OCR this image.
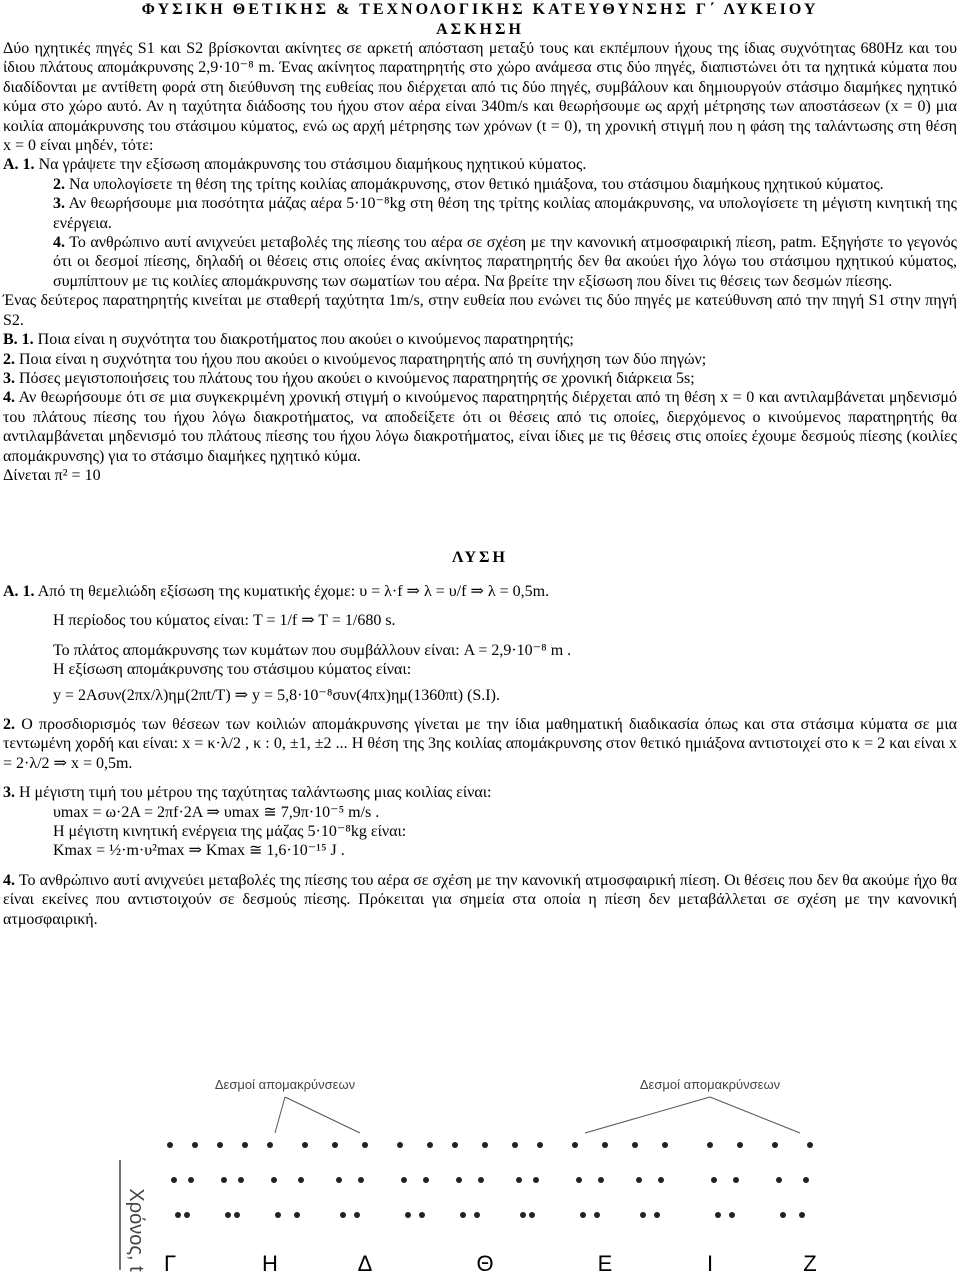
ΦΥΣΙΚΗ ΘΕΤΙΚΗΣ & ΤΕΧΝΟΛΟΓΙΚΗΣ ΚΑΤΕΥΘΥΝΣΗΣ Γ΄ ΛΥΚΕΙΟΥ
ΑΣΚΗΣΗ

Δύο ηχητικές πηγές S1 και S2 βρίσκονται ακίνητες σε αρκετή απόσταση μεταξύ τους και εκπέμπουν ήχους της ίδιας συχνότητας 680Hz και του ίδιου πλάτους απομάκρυνσης 2,9·10⁻⁸ m. Ένας ακίνητος παρατηρητής στο χώρο ανάμεσα στις δύο πηγές, διαπιστώνει ότι τα ηχητικά κύματα που διαδίδονται με αντίθετη φορά στη διεύθυνση της ευθείας που διέρχεται από τις δύο πηγές, συμβάλουν και δημιουργούν στάσιμο διαμήκες ηχητικό κύμα στο χώρο αυτό. Αν η ταχύτητα διάδοσης του ήχου στον αέρα είναι 340m/s και θεωρήσουμε ως αρχή μέτρησης των αποστάσεων (x = 0) μια κοιλία απομάκρυνσης του στάσιμου κύματος, ενώ ως αρχή μέτρησης των χρόνων (t = 0), τη χρονική στιγμή που η φάση της ταλάντωσης στη θέση x = 0 είναι μηδέν, τότε:

Α. 1. Να γράψετε την εξίσωση απομάκρυνσης του στάσιμου διαμήκους ηχητικού κύματος.

2. Να υπολογίσετε τη θέση της τρίτης κοιλίας απομάκρυνσης, στον θετικό ημιάξονα, του στάσιμου διαμήκους ηχητικού κύματος.

3. Αν θεωρήσουμε μια ποσότητα μάζας αέρα 5·10⁻⁸kg στη θέση της τρίτης κοιλίας απομάκρυνσης, να υπολογίσετε τη μέγιστη κινητική της ενέργεια.

4. Το ανθρώπινο αυτί ανιχνεύει μεταβολές της πίεσης του αέρα σε σχέση με την κανονική ατμοσφαιρική πίεση, patm. Εξηγήστε το γεγονός ότι οι δεσμοί πίεσης, δηλαδή οι θέσεις στις οποίες ένας ακίνητος παρατηρητής δεν θα ακούει ήχο λόγω του στάσιμου ηχητικού κύματος, συμπίπτουν με τις κοιλίες απομάκρυνσης των σωματίων του αέρα. Να βρείτε την εξίσωση που δίνει τις θέσεις των δεσμών πίεσης.

Ένας δεύτερος παρατηρητής κινείται με σταθερή ταχύτητα 1m/s, στην ευθεία που ενώνει τις δύο πηγές με κατεύθυνση από την πηγή S1 στην πηγή S2.

Β. 1. Ποια είναι η συχνότητα του διακροτήματος που ακούει ο κινούμενος παρατηρητής;

2. Ποια είναι η συχνότητα του ήχου που ακούει ο κινούμενος παρατηρητής από τη συνήχηση των δύο πηγών;

3. Πόσες μεγιστοποιήσεις του πλάτους του ήχου ακούει ο κινούμενος παρατηρητής σε χρονική διάρκεια 5s;

4. Αν θεωρήσουμε ότι σε μια συγκεκριμένη χρονική στιγμή ο κινούμενος παρατηρητής διέρχεται από τη θέση x = 0 και αντιλαμβάνεται μηδενισμό του πλάτους πίεσης του ήχου λόγω διακροτήματος, να αποδείξετε ότι οι θέσεις από τις οποίες, διερχόμενος ο κινούμενος παρατηρητής θα αντιλαμβάνεται μηδενισμό του πλάτους πίεσης του ήχου λόγω διακροτήματος, είναι ίδιες με τις θέσεις στις οποίες έχουμε δεσμούς πίεσης (κοιλίες απομάκρυνσης) για το στάσιμο διαμήκες ηχητικό κύμα.

Δίνεται π² = 10

ΛΥΣΗ

Α. 1. Από τη θεμελιώδη εξίσωση της κυματικής έχομε: υ = λ·f ⇒ λ = υ/f ⇒ λ = 0,5m.

Η περίοδος του κύματος είναι: T = 1/f ⇒ T = 1/680 s.

Το πλάτος απομάκρυνσης των κυμάτων που συμβάλλουν είναι: A = 2,9·10⁻⁸ m .

Η εξίσωση απομάκρυνσης του στάσιμου κύματος είναι:

y = 2Aσυν(2πx/λ)ημ(2πt/T) ⇒ y = 5,8·10⁻⁸συν(4πx)ημ(1360πt) (S.I).

2. Ο προσδιορισμός των θέσεων των κοιλιών απομάκρυνσης γίνεται με την ίδια μαθηματική διαδικασία όπως και στα στάσιμα κύματα σε μια τεντωμένη χορδή και είναι: x = κ·λ/2 , κ : 0, ±1, ±2 ... Η θέση της 3ης κοιλίας απομάκρυνσης στον θετικό ημιάξονα αντιστοιχεί στο κ = 2 και είναι x = 2·λ/2 ⇒ x = 0,5m.

3. Η μέγιστη τιμή του μέτρου της ταχύτητας ταλάντωσης μιας κοιλίας είναι:

υmax = ω·2A = 2πf·2A ⇒ υmax ≅ 7,9π·10⁻⁵ m/s .

Η μέγιστη κινητική ενέργεια της μάζας 5·10⁻⁸kg είναι:

Kmax = ½·m·υ²max ⇒ Kmax ≅ 1,6·10⁻¹⁵ J .

4. Το ανθρώπινο αυτί ανιχνεύει μεταβολές της πίεσης του αέρα σε σχέση με την κανονική ατμοσφαιρική πίεση. Οι θέσεις που δεν θα ακούμε ήχο θα είναι εκείνες που αντιστοιχούν σε δεσμούς πίεσης. Πρόκειται για σημεία στα οποία η πίεση δεν μεταβάλλεται σε σχέση με την κανονική ατμοσφαιρική.

Δεσμοί απομακρύνσεων	Δεσμοί απομακρύνσεων
Χρόνος, t Γ	Η	Δ	Θ	Ε	Ι	Ζ
